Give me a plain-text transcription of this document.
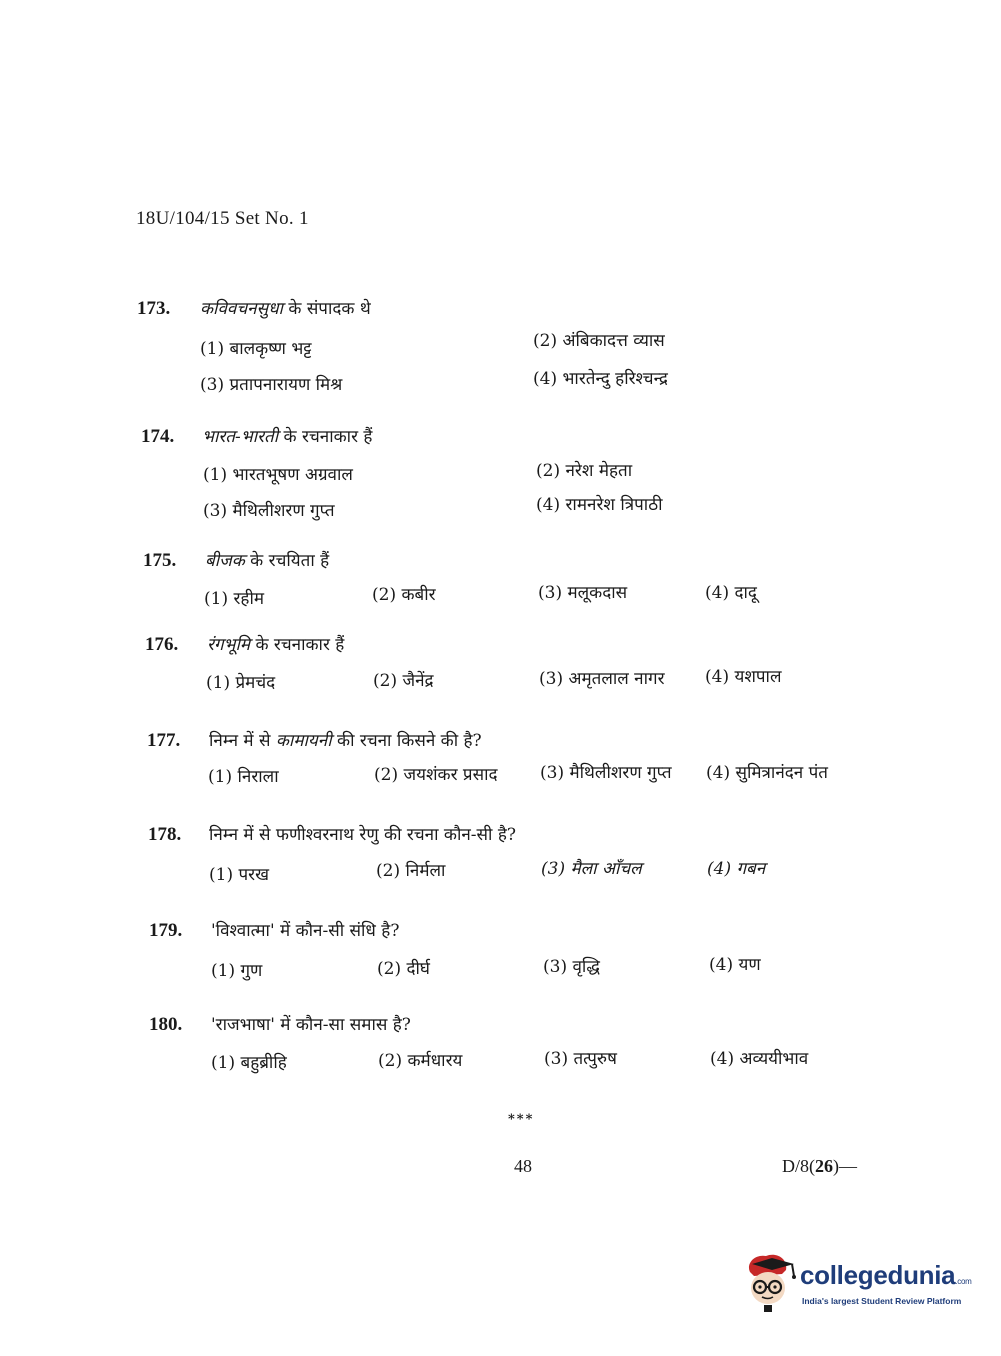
18U/104/15 Set No. 1
173. कविवचनसुधा के संपादक थे
(1) बालकृष्ण भट्ट	(2) अंबिकादत्त व्यास
(3) प्रतापनारायण मिश्र	(4) भारतेन्दु हरिश्चन्द्र
174. भारत-भारती के रचनाकार हैं
(1) भारतभूषण अग्रवाल	(2) नरेश मेहता
(3) मैथिलीशरण गुप्त	(4) रामनरेश त्रिपाठी
175. बीजक के रचयिता हैं
(1) रहीम	(2) कबीर	(3) मलूकदास	(4) दादू
176. रंगभूमि के रचनाकार हैं
(1) प्रेमचंद	(2) जैनेंद्र	(3) अमृतलाल नागर (4) यशपाल
177. निम्न में से कामायनी की रचना किसने की है?
(1) निराला	(2) जयशंकर प्रसाद (3) मैथिलीशरण गुप्त (4) सुमित्रानंदन पंत
178. निम्न में से फणीश्वरनाथ रेणु की रचना कौन-सी है?
(1) परख	(2) निर्मला	(3) मैला आँचल	(4) गबन
179. 'विश्वात्मा' में कौन-सी संधि है?
(1) गुण	(2) दीर्घ	(3) वृद्धि	(4) यण
180. 'राजभाषा' में कौन-सा समास है?
(1) बहुब्रीहि	(2) कर्मधारय	(3) तत्पुरुष	(4) अव्ययीभाव
***
48	D/8(26)—
collegedunia.com
India's largest Student Review Platform
